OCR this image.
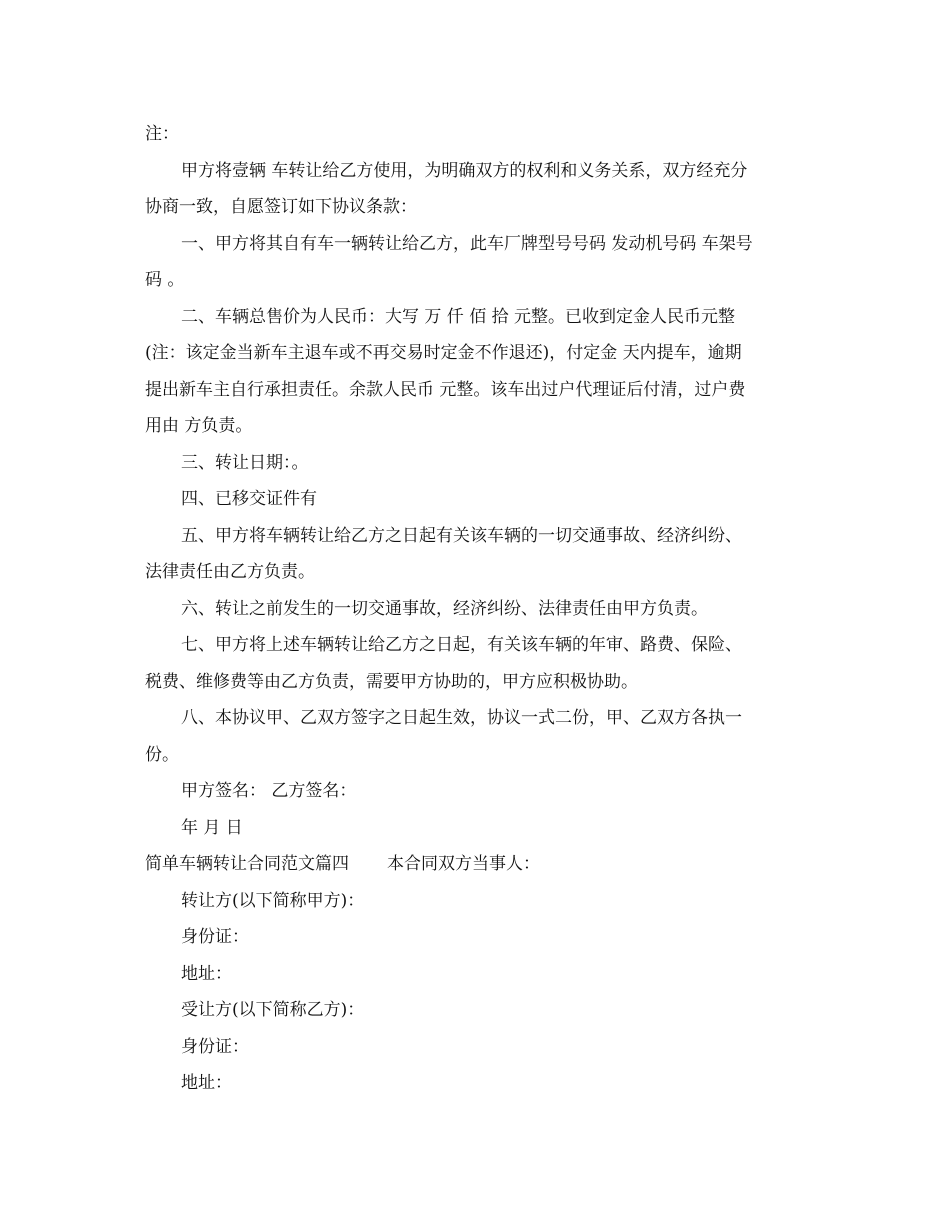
注：
甲方将壹辆 车转让给乙方使用，为明确双方的权利和义务关系，双方经充分
协商一致，自愿签订如下协议条款：
一、甲方将其自有车一辆转让给乙方，此车厂牌型号号码 发动机号码 车架号
码 。
二、车辆总售价为人民币：大写 万 仟 佰 拾 元整。已收到定金人民币元整
(注：该定金当新车主退车或不再交易时定金不作退还)，付定金 天内提车，逾期
提出新车主自行承担责任。余款人民币 元整。该车出过户代理证后付清，过户费
用由 方负责。
三、转让日期：。
四、已移交证件有
五、甲方将车辆转让给乙方之日起有关该车辆的一切交通事故、经济纠纷、
法律责任由乙方负责。
六、转让之前发生的一切交通事故，经济纠纷、法律责任由甲方负责。
七、甲方将上述车辆转让给乙方之日起，有关该车辆的年审、路费、保险、
税费、维修费等由乙方负责，需要甲方协助的，甲方应积极协助。
八、本协议甲、乙双方签字之日起生效，协议一式二份，甲、乙双方各执一
份。
甲方签名： 乙方签名：
年 月 日
简单车辆转让合同范文篇四 本合同双方当事人：
转让方(以下简称甲方)：
身份证：
地址：
受让方(以下简称乙方)：
身份证：
地址：
